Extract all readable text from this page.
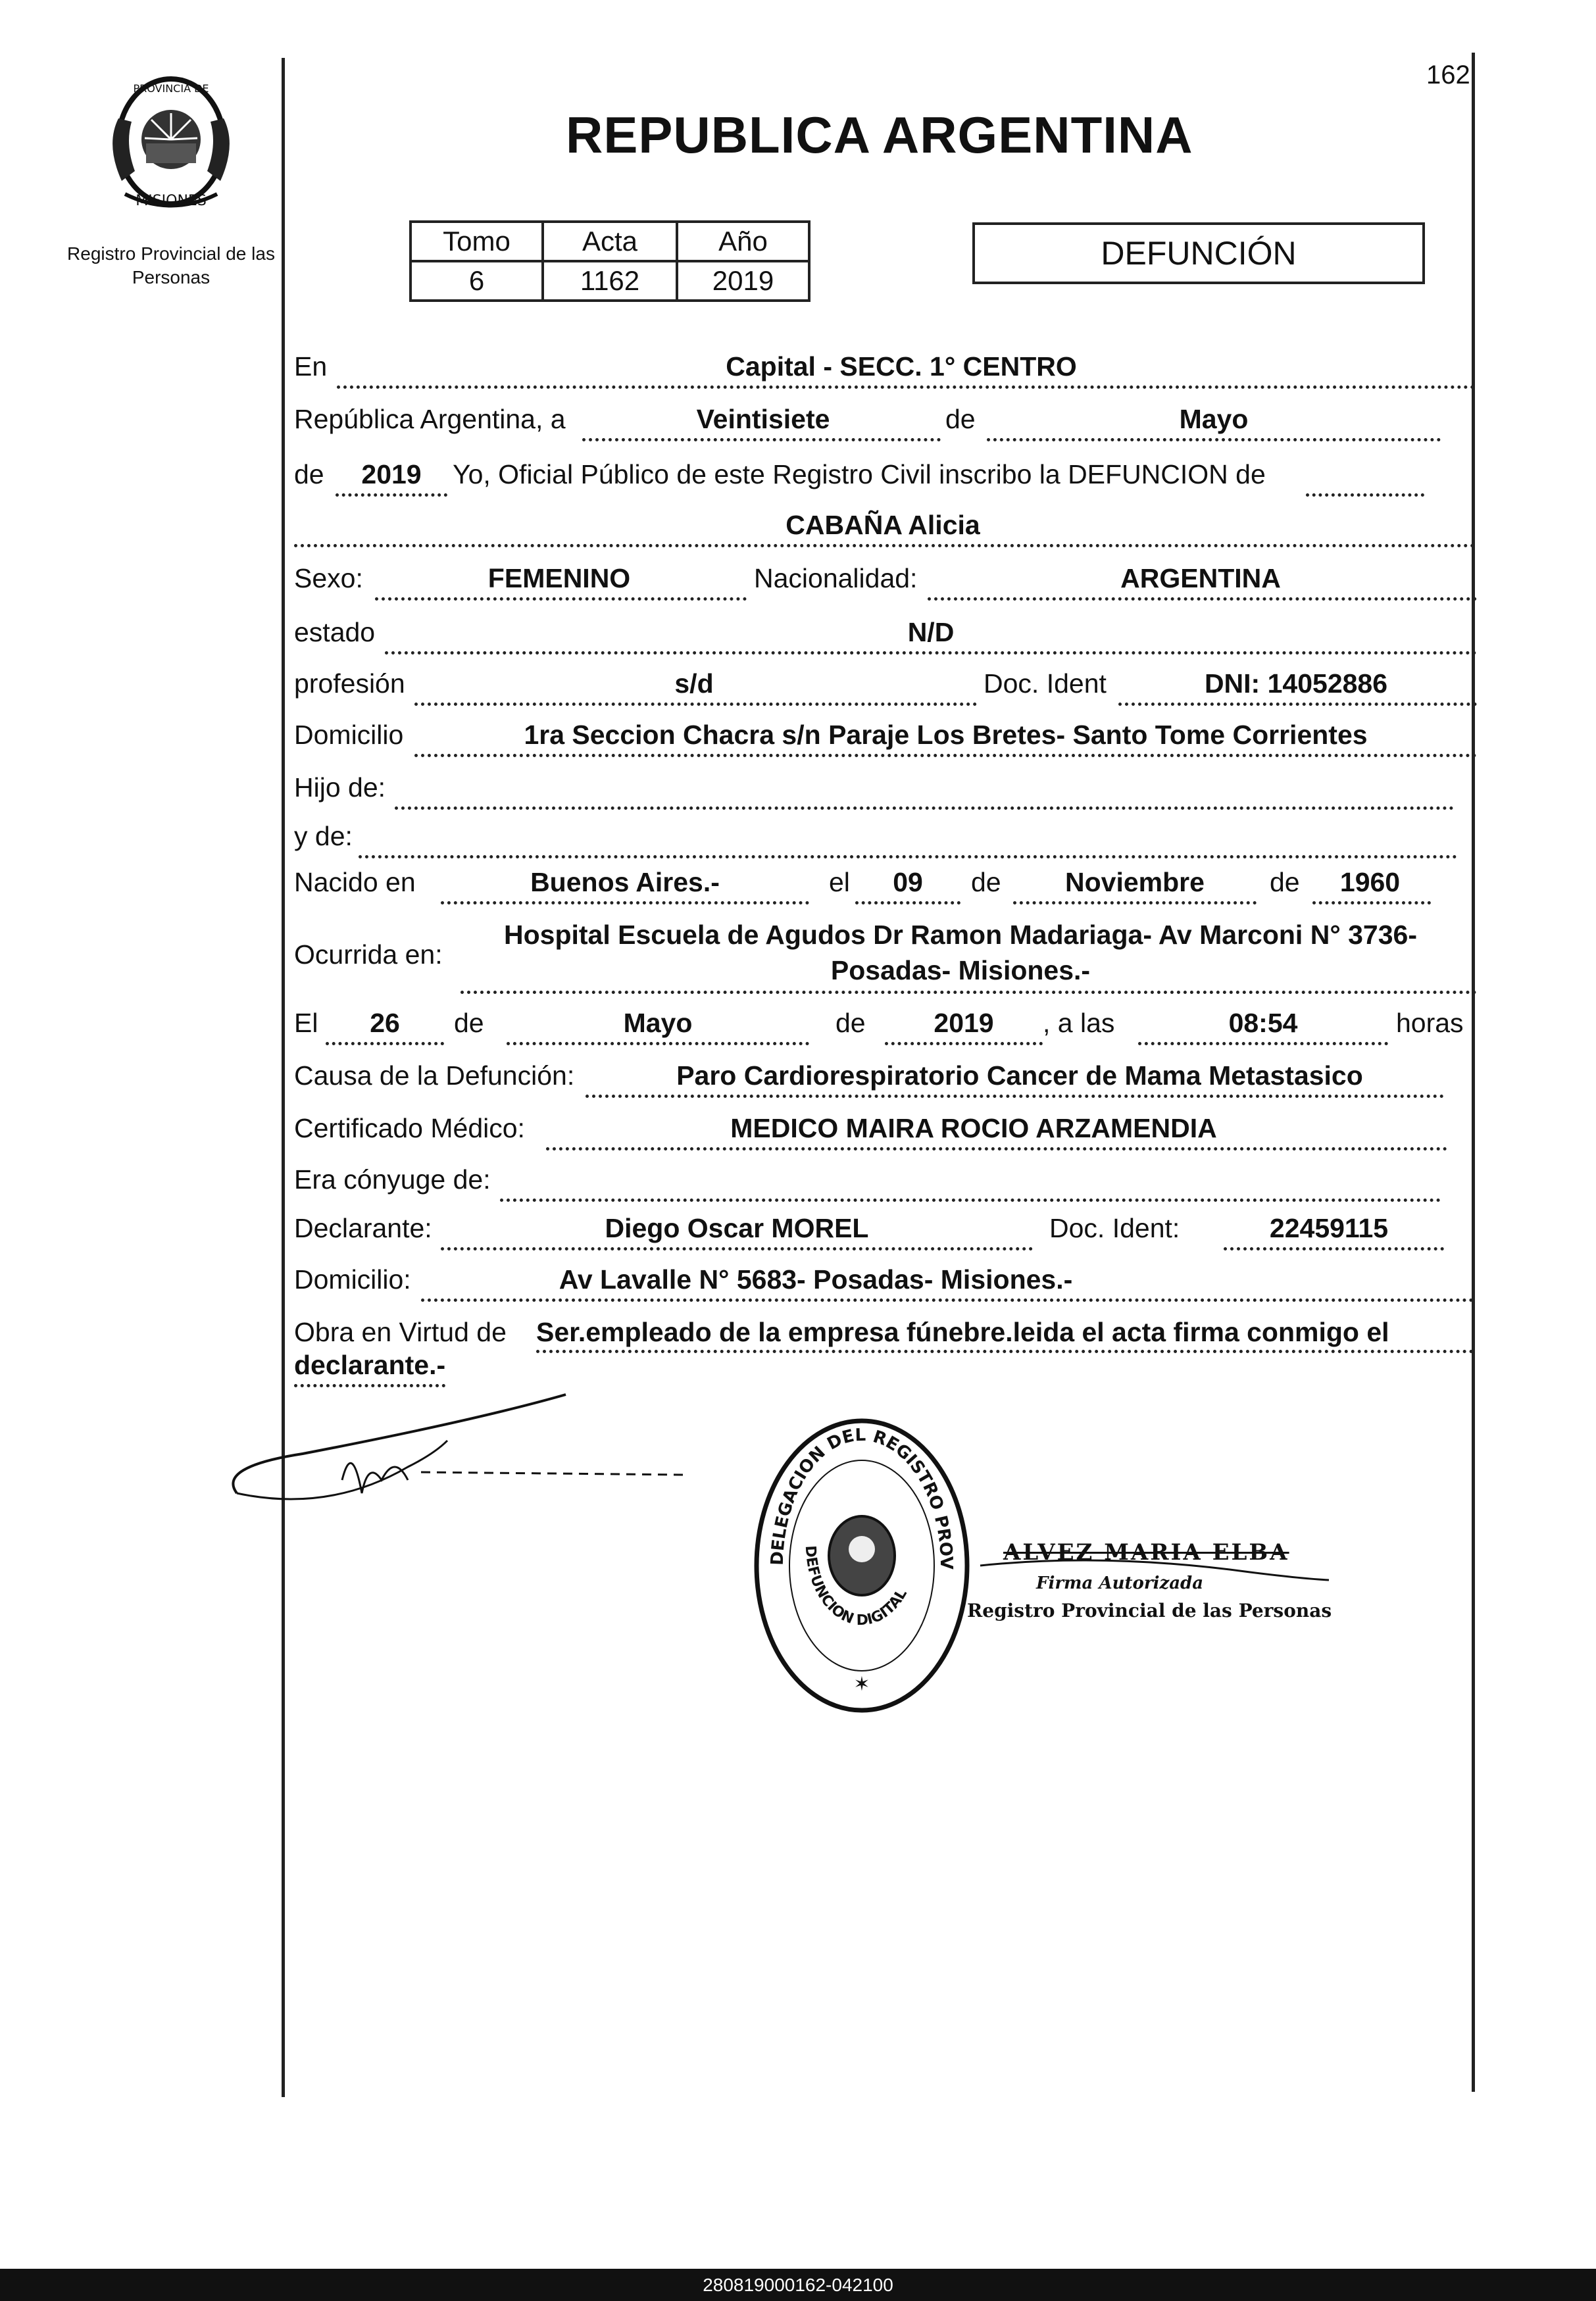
162
PROVINCIA DE
MISIONES
Registro Provincial de las Personas
REPUBLICA ARGENTINA
Tomo	Acta	Año
6	1162	2019
DEFUNCIÓN
En	Capital - SECC. 1° CENTRO
República Argentina, a	Veintisiete	de	Mayo
de	2019	Yo, Oficial Público de este Registro Civil inscribo la DEFUNCION de
CABAÑA Alicia
Sexo:	FEMENINO	Nacionalidad:	ARGENTINA
estado	N/D
profesión	s/d	Doc. Ident	DNI: 14052886
Domicilio	1ra Seccion Chacra s/n Paraje Los Bretes- Santo Tome Corrientes
Hijo de:
y de:
Nacido en	Buenos Aires.-	el	09	de	Noviembre	de	1960
Ocurrida en:
Hospital Escuela de Agudos Dr Ramon Madariaga- Av Marconi N° 3736-
Posadas- Misiones.-
El	26	de	Mayo	de	2019	, a las	08:54	horas
Causa de la Defunción:	Paro Cardiorespiratorio Cancer de Mama Metastasico
Certificado Médico:	MEDICO MAIRA ROCIO ARZAMENDIA
Era cónyuge de:
Declarante:	Diego Oscar MOREL	Doc. Ident:	22459115
Domicilio:	Av Lavalle N° 5683- Posadas- Misiones.-
Obra en Virtud de Ser.empleado de la empresa fúnebre.leida el acta firma conmigo el
declarante.-
DELEGACION DEL REGISTRO PROV
DEFUNCION DIGITAL
✶
ALVEZ MARIA ELBA
Firma Autorizada
Registro Provincial de las Personas
280819000162-042100
